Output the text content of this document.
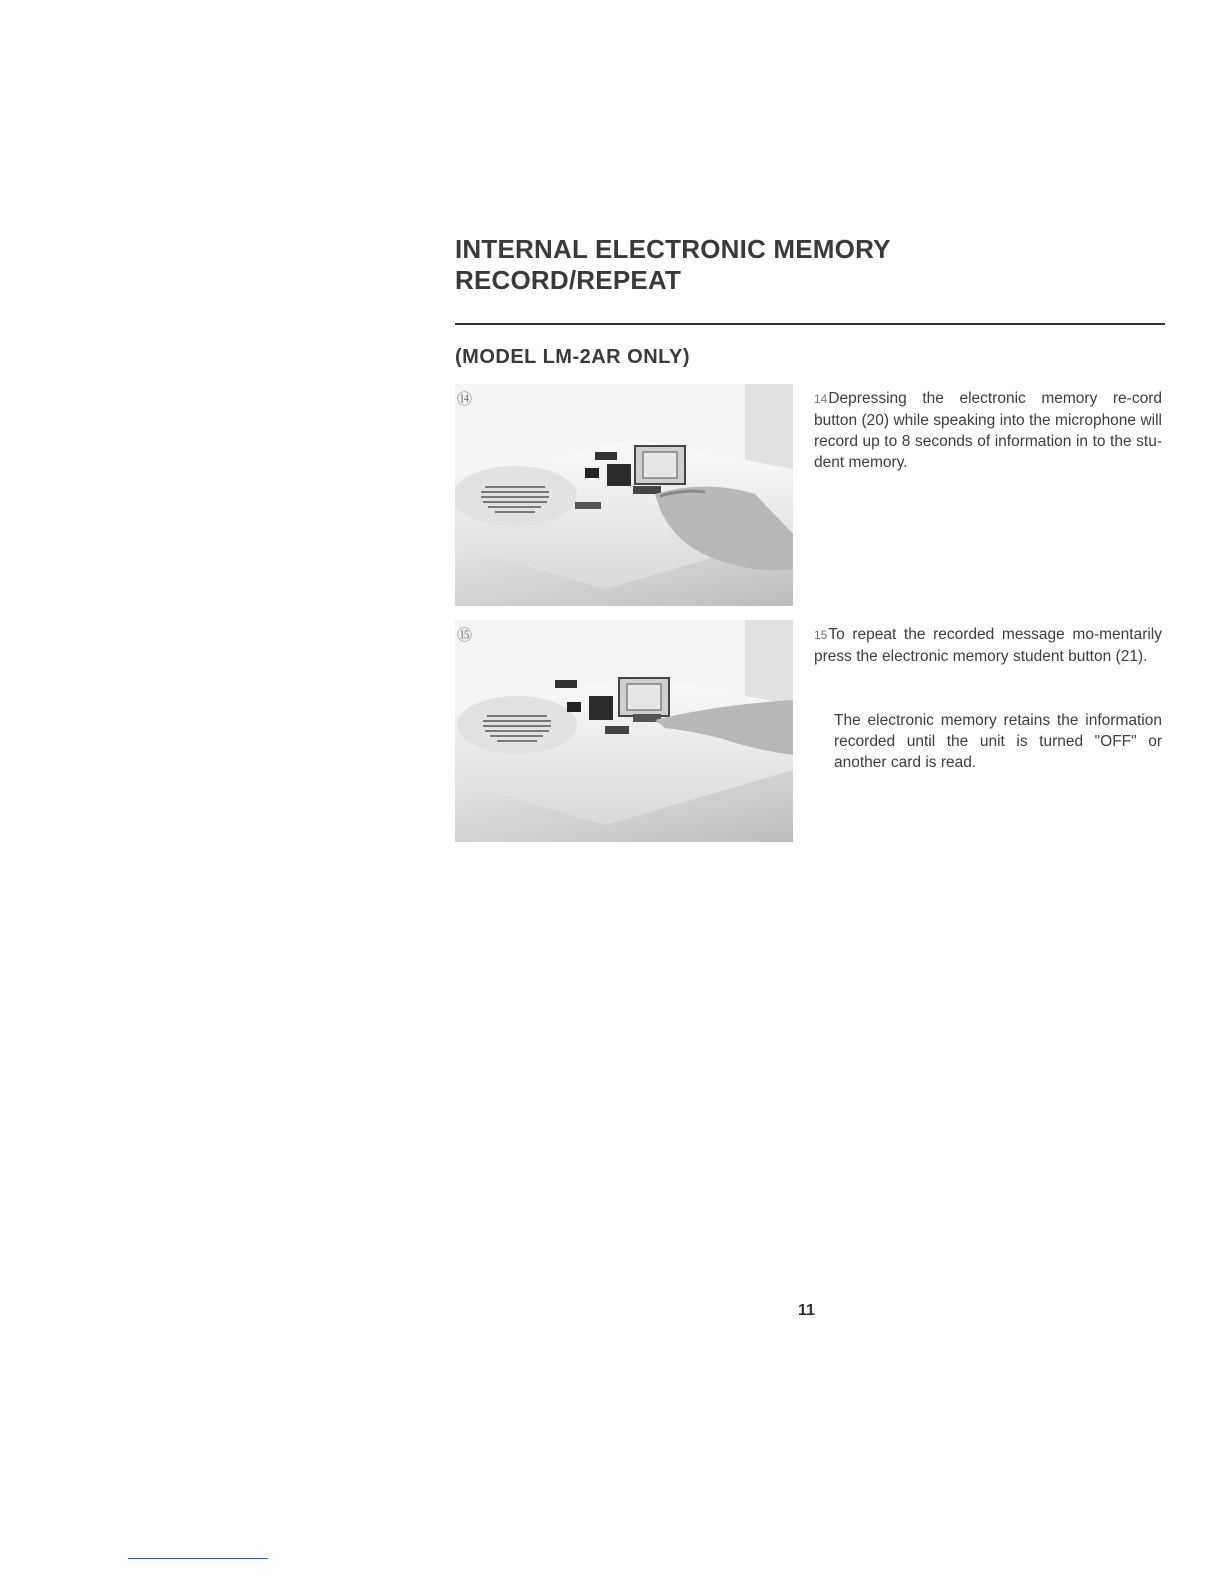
INTERNAL ELECTRONIC MEMORY
RECORD/REPEAT
(MODEL LM-2AR ONLY)
⑭
⑮
14Depressing the electronic memory re-cord button (20) while speaking into the microphone will record up to 8 seconds of information in to the stu-dent memory.
15To repeat the recorded message mo-mentarily press the electronic memory student button (21).
The electronic memory retains the information recorded until the unit is turned "OFF" or another card is read.
11
